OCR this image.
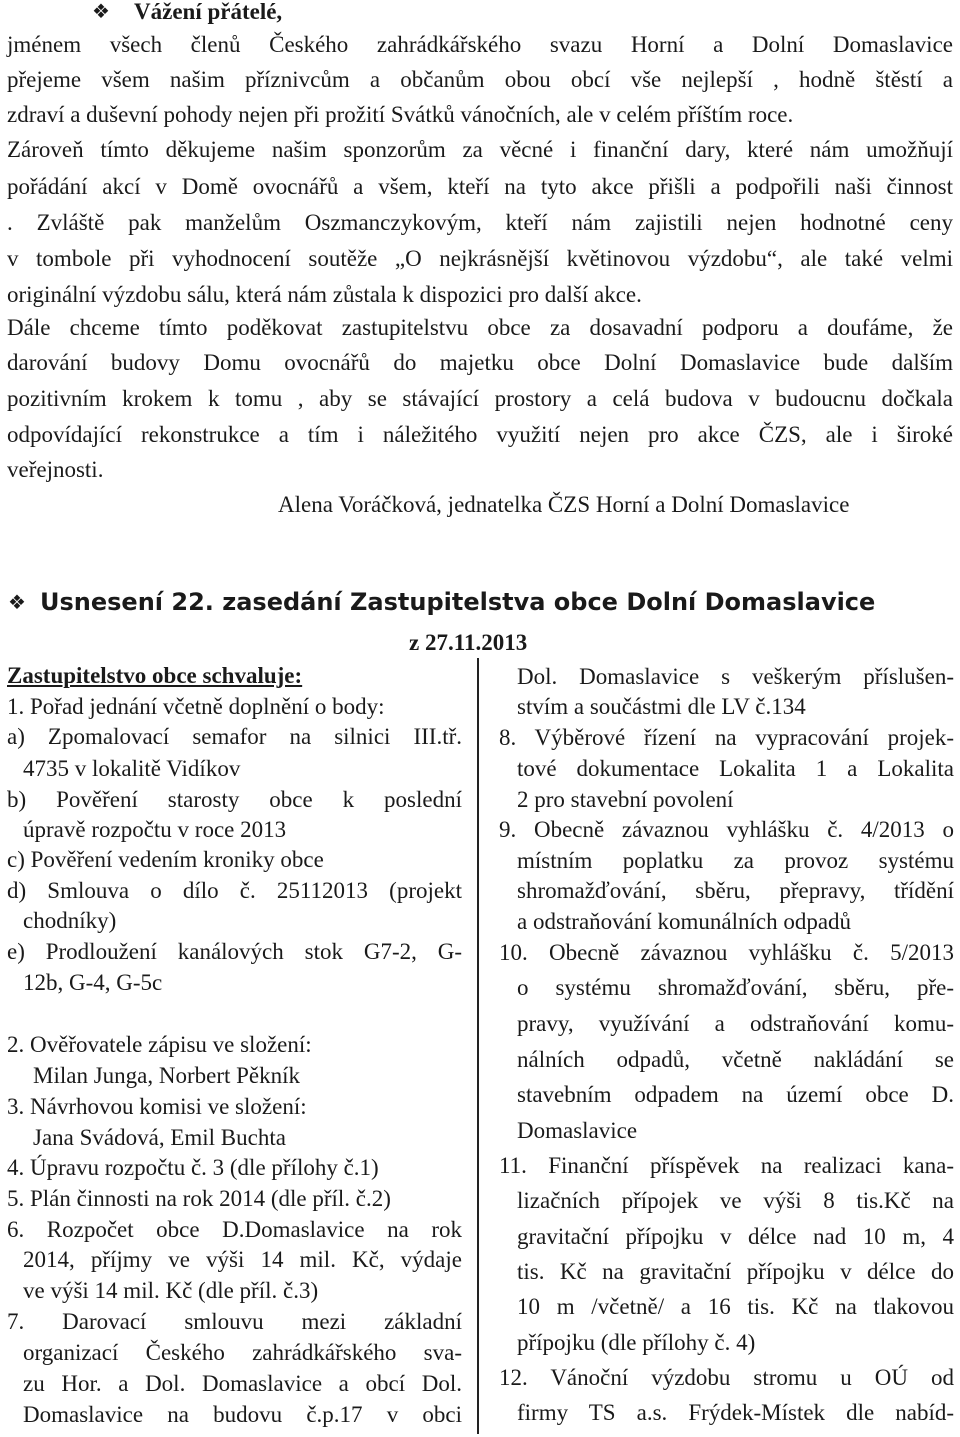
❖ Vážení přátelé,
jménem všech členů Českého zahrádkářského svazu Horní a Dolní Domaslavice
přejeme všem našim příznivcům a občanům obou obcí vše nejlepší , hodně štěstí a
zdraví a duševní pohody nejen při prožití Svátků vánočních, ale v celém příštím roce.
Zároveň tímto děkujeme našim sponzorům za věcné i finanční dary, které nám umožňují
pořádání akcí v Domě ovocnářů a všem, kteří na tyto akce přišli a podpořili naši činnost
. Zvláště pak manželům Oszmanczykovým, kteří nám zajistili nejen hodnotné ceny
v tombole při vyhodnocení soutěže „O nejkrásnější květinovou výzdobu“, ale také velmi
originální výzdobu sálu, která nám zůstala k dispozici pro další akce.
Dále chceme tímto poděkovat zastupitelstvu obce za dosavadní podporu a doufáme, že
darování budovy Domu ovocnářů do majetku obce Dolní Domaslavice bude dalším
pozitivním krokem k tomu , aby se stávající prostory a celá budova v budoucnu dočkala
odpovídající rekonstrukce a tím i náležitého využití nejen pro akce ČZS, ale i široké
veřejnosti.
Alena Voráčková, jednatelka ČZS Horní a Dolní Domaslavice
❖ Usnesení 22. zasedání Zastupitelstva obce Dolní Domaslavice
z 27.11.2013
Zastupitelstvo obce schvaluje:
1. Pořad jednání včetně doplnění o body:
a) Zpomalovací semafor na silnici III.tř.
4735 v lokalitě Vidíkov
b) Pověření starosty obce k poslední
úpravě rozpočtu v roce 2013
c) Pověření vedením kroniky obce
d) Smlouva o dílo č. 25112013 (projekt
chodníky)
e) Prodloužení kanálových stok G7-2, G-
12b, G-4, G-5c
2. Ověřovatele zápisu ve složení:
Milan Junga, Norbert Pěkník
3. Návrhovou komisi ve složení:
Jana Svádová, Emil Buchta
4. Úpravu rozpočtu č. 3 (dle přílohy č.1)
5. Plán činnosti na rok 2014 (dle příl. č.2)
6. Rozpočet obce D.Domaslavice na rok
2014, příjmy ve výši 14 mil. Kč, výdaje
ve výši 14 mil. Kč (dle příl. č.3)
7. Darovací smlouvu mezi základní
organizací Českého zahrádkářského sva-
zu Hor. a Dol. Domaslavice a obcí Dol.
Domaslavice na budovu č.p.17 v obci
Dol. Domaslavice s veškerým příslušen-
stvím a součástmi dle LV č.134
8. Výběrové řízení na vypracování projek-
tové dokumentace Lokalita 1 a Lokalita
2 pro stavební povolení
9. Obecně závaznou vyhlášku č. 4/2013 o
místním poplatku za provoz systému
shromažďování, sběru, přepravy, třídění
a odstraňování komunálních odpadů
10. Obecně závaznou vyhlášku č. 5/2013
o systému shromažďování, sběru, pře-
pravy, využívání a odstraňování komu-
nálních odpadů, včetně nakládání se
stavebním odpadem na území obce D.
Domaslavice
11. Finanční příspěvek na realizaci kana-
lizačních přípojek ve výši 8 tis.Kč na
gravitační přípojku v délce nad 10 m, 4
tis. Kč na gravitační přípojku v délce do
10 m /včetně/ a 16 tis. Kč na tlakovou
přípojku (dle přílohy č. 4)
12. Vánoční výzdobu stromu u OÚ od
firmy TS a.s. Frýdek-Místek dle nabíd-
